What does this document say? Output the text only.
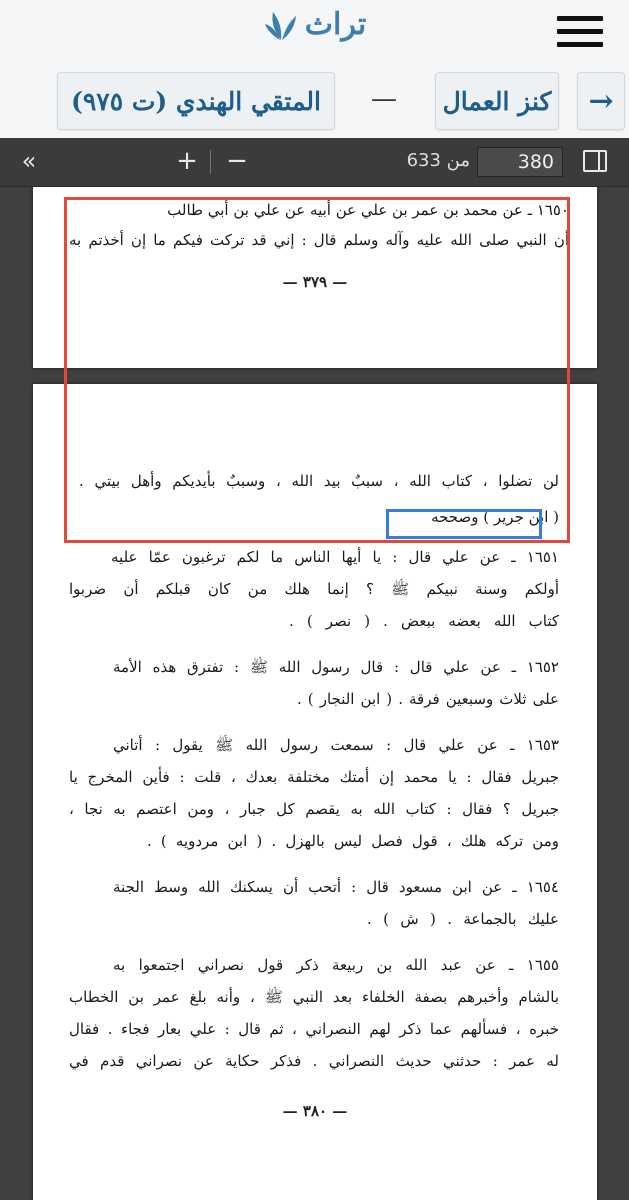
تراث
→
كنز العمال
—
المتقي الهندي (ت ٩٧٥)
380
من 633
−
+
«
١٦٥٠ ـ عن محمد بن عمر بن علي عن أبيه عن علي بن أبي طالب
أن النبي صلى الله عليه وآله وسلم قال : إني قد تركت فيكم ما إن أخذتم به
— ٣٧٩ —
لن تضلوا ، كتاب الله ، سببٌ بيد الله ، وسببٌ بأيديكم وأهل بيتي .
( ابن جرير ) وصححه
١٦٥١ ـ عن علي قال : يا أيها الناس ما لكم ترغبون عمّا عليه
أولكم وسنة نبيكم ﷺ ؟ إنما هلك من كان قبلكم أن ضربوا
كتاب الله بعضه ببعض . ( نصر ) .
١٦٥٢ ـ عن علي قال : قال رسول الله ﷺ : تفترق هذه الأمة
على ثلاث وسبعين فرقة . ( ابن النجار ) .
١٦٥٣ ـ عن علي قال : سمعت رسول الله ﷺ يقول : أتاني
جبريل فقال : يا محمد إن أمتك مختلفة بعدك ، قلت : فأين المخرج يا
جبريل ؟ فقال : كتاب الله به يقصم كل جبار ، ومن اعتصم به نجا ،
ومن تركه هلك ، قول فصل ليس بالهزل . ( ابن مردويه ) .
١٦٥٤ ـ عن ابن مسعود قال : أتحب أن يسكنك الله وسط الجنة
عليك بالجماعة . ( ش ) .
١٦٥٥ ـ عن عبد الله بن ربيعة ذكر قول نصراني اجتمعوا به
بالشام وأخبرهم بصفة الخلفاء بعد النبي ﷺ ، وأنه بلغ عمر بن الخطاب
خبره ، فسألهم عما ذكر لهم النصراني ، ثم قال : علي بعار فجاء . فقال
له عمر : حدثني حديث النصراني . فذكر حكاية عن نصراني قدم في
— ٣٨٠ —
